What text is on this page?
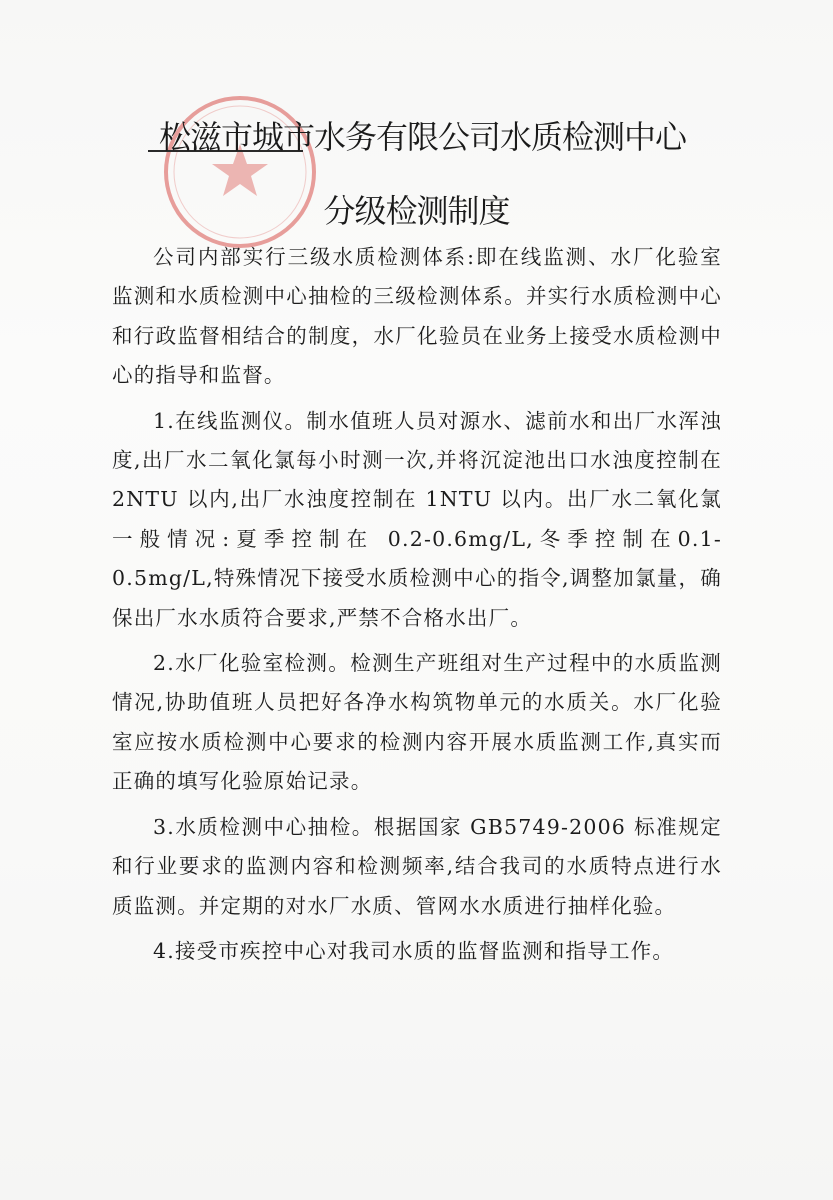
松滋市城市水务有限公司水质检测中心
分级检测制度

公司内部实行三级水质检测体系:即在线监测、水厂化验室监测和水质检测中心抽检的三级检测体系。并实行水质检测中心和行政监督相结合的制度，水厂化验员在业务上接受水质检测中心的指导和监督。

1.在线监测仪。制水值班人员对源水、滤前水和出厂水浑浊度,出厂水二氧化氯每小时测一次,并将沉淀池出口水浊度控制在 2NTU 以内,出厂水浊度控制在 1NTU 以内。出厂水二氧化氯一般情况:夏季控制在 0.2-0.6mg/L,冬季控制在0.1-0.5mg/L,特殊情况下接受水质检测中心的指令,调整加氯量，确保出厂水水质符合要求,严禁不合格水出厂。

2.水厂化验室检测。检测生产班组对生产过程中的水质监测情况,协助值班人员把好各净水构筑物单元的水质关。水厂化验室应按水质检测中心要求的检测内容开展水质监测工作,真实而正确的填写化验原始记录。

3.水质检测中心抽检。根据国家 GB5749-2006 标准规定和行业要求的监测内容和检测频率,结合我司的水质特点进行水质监测。并定期的对水厂水质、管网水水质进行抽样化验。

4.接受市疾控中心对我司水质的监督监测和指导工作。
